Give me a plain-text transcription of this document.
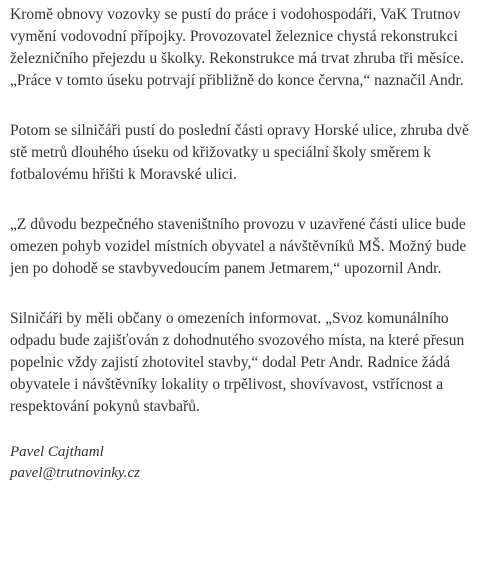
Kromě obnovy vozovky se pustí do práce i vodohospodáři, VaK Trutnov vymění vodovodní přípojky. Provozovatel železnice chystá rekonstrukci železničního přejezdu u školky. Rekonstrukce má trvat zhruba tři měsíce. „Práce v tomto úseku potrvají přibližně do konce června,“ naznačil Andr.

Potom se silničáři pustí do poslední části opravy Horské ulice, zhruba dvě stě metrů dlouhého úseku od křižovatky u speciální školy směrem k fotbalovému hřišti k Moravské ulici.

„Z důvodu bezpečného staveništního provozu v uzavřené části ulice bude omezen pohyb vozidel místních obyvatel a návštěvníků MŠ. Možný bude jen po dohodě se stavbyvedoucím panem Jetmarem,“ upozornil Andr.

Silničáři by měli občany o omezeních informovat. „Svoz komunálního odpadu bude zajišťován z dohodnutého svozového místa, na které přesun popelnic vždy zajistí zhotovitel stavby,“ dodal Petr Andr. Radnice žádá obyvatele i návštěvníky lokality o trpělivost, shovívavost, vstřícnost a respektování pokynů stavbařů.

Pavel Cajthaml
pavel@trutnovinky.cz
